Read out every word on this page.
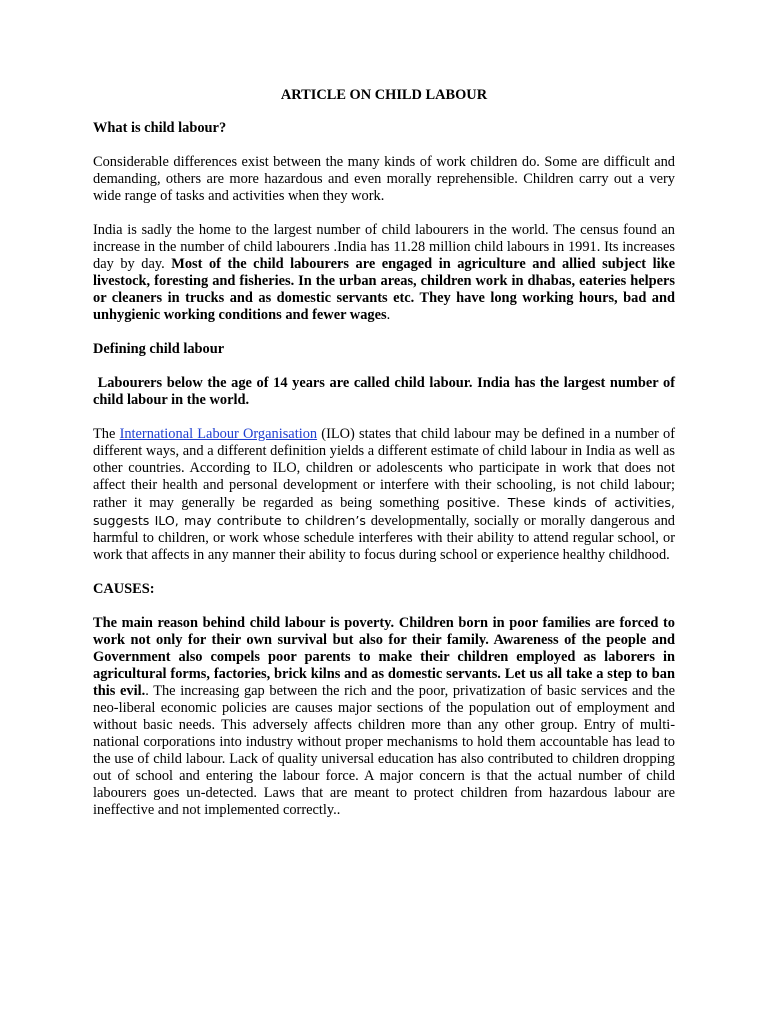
ARTICLE ON CHILD LABOUR
What is child labour?

Considerable differences exist between the many kinds of work children do. Some are difficult and demanding, others are more hazardous and even morally reprehensible. Children carry out a very wide range of tasks and activities when they work.

India is sadly the home to the largest number of child labourers in the world. The census found an increase in the number of child labourers .India has 11.28 million child labours in 1991. Its increases day by day. Most of the child labourers are engaged in agriculture and allied subject like livestock, foresting and fisheries. In the urban areas, children work in dhabas, eateries helpers or cleaners in trucks and as domestic servants etc. They have long working hours, bad and unhygienic working conditions and fewer wages.

Defining child labour

Labourers below the age of 14 years are called child labour. India has the largest number of child labour in the world.

The International Labour Organisation (ILO) states that child labour may be defined in a number of different ways, and a different definition yields a different estimate of child labour in India as well as other countries. According to ILO, children or adolescents who participate in work that does not affect their health and personal development or interfere with their schooling, is not child labour; rather it may generally be regarded as being something positive. These kinds of activities, suggests ILO, may contribute to children’s developmentally, socially or morally dangerous and harmful to children, or work whose schedule interferes with their ability to attend regular school, or work that affects in any manner their ability to focus during school or experience healthy childhood.

CAUSES:

The main reason behind child labour is poverty. Children born in poor families are forced to work not only for their own survival but also for their family. Awareness of the people and Government also compels poor parents to make their children employed as laborers in agricultural forms, factories, brick kilns and as domestic servants. Let us all take a step to ban this evil.. The increasing gap between the rich and the poor, privatization of basic services and the neo-liberal economic policies are causes major sections of the population out of employment and without basic needs. This adversely affects children more than any other group. Entry of multi-national corporations into industry without proper mechanisms to hold them accountable has lead to the use of child labour. Lack of quality universal education has also contributed to children dropping out of school and entering the labour force. A major concern is that the actual number of child labourers goes un-detected. Laws that are meant to protect children from hazardous labour are ineffective and not implemented correctly..
